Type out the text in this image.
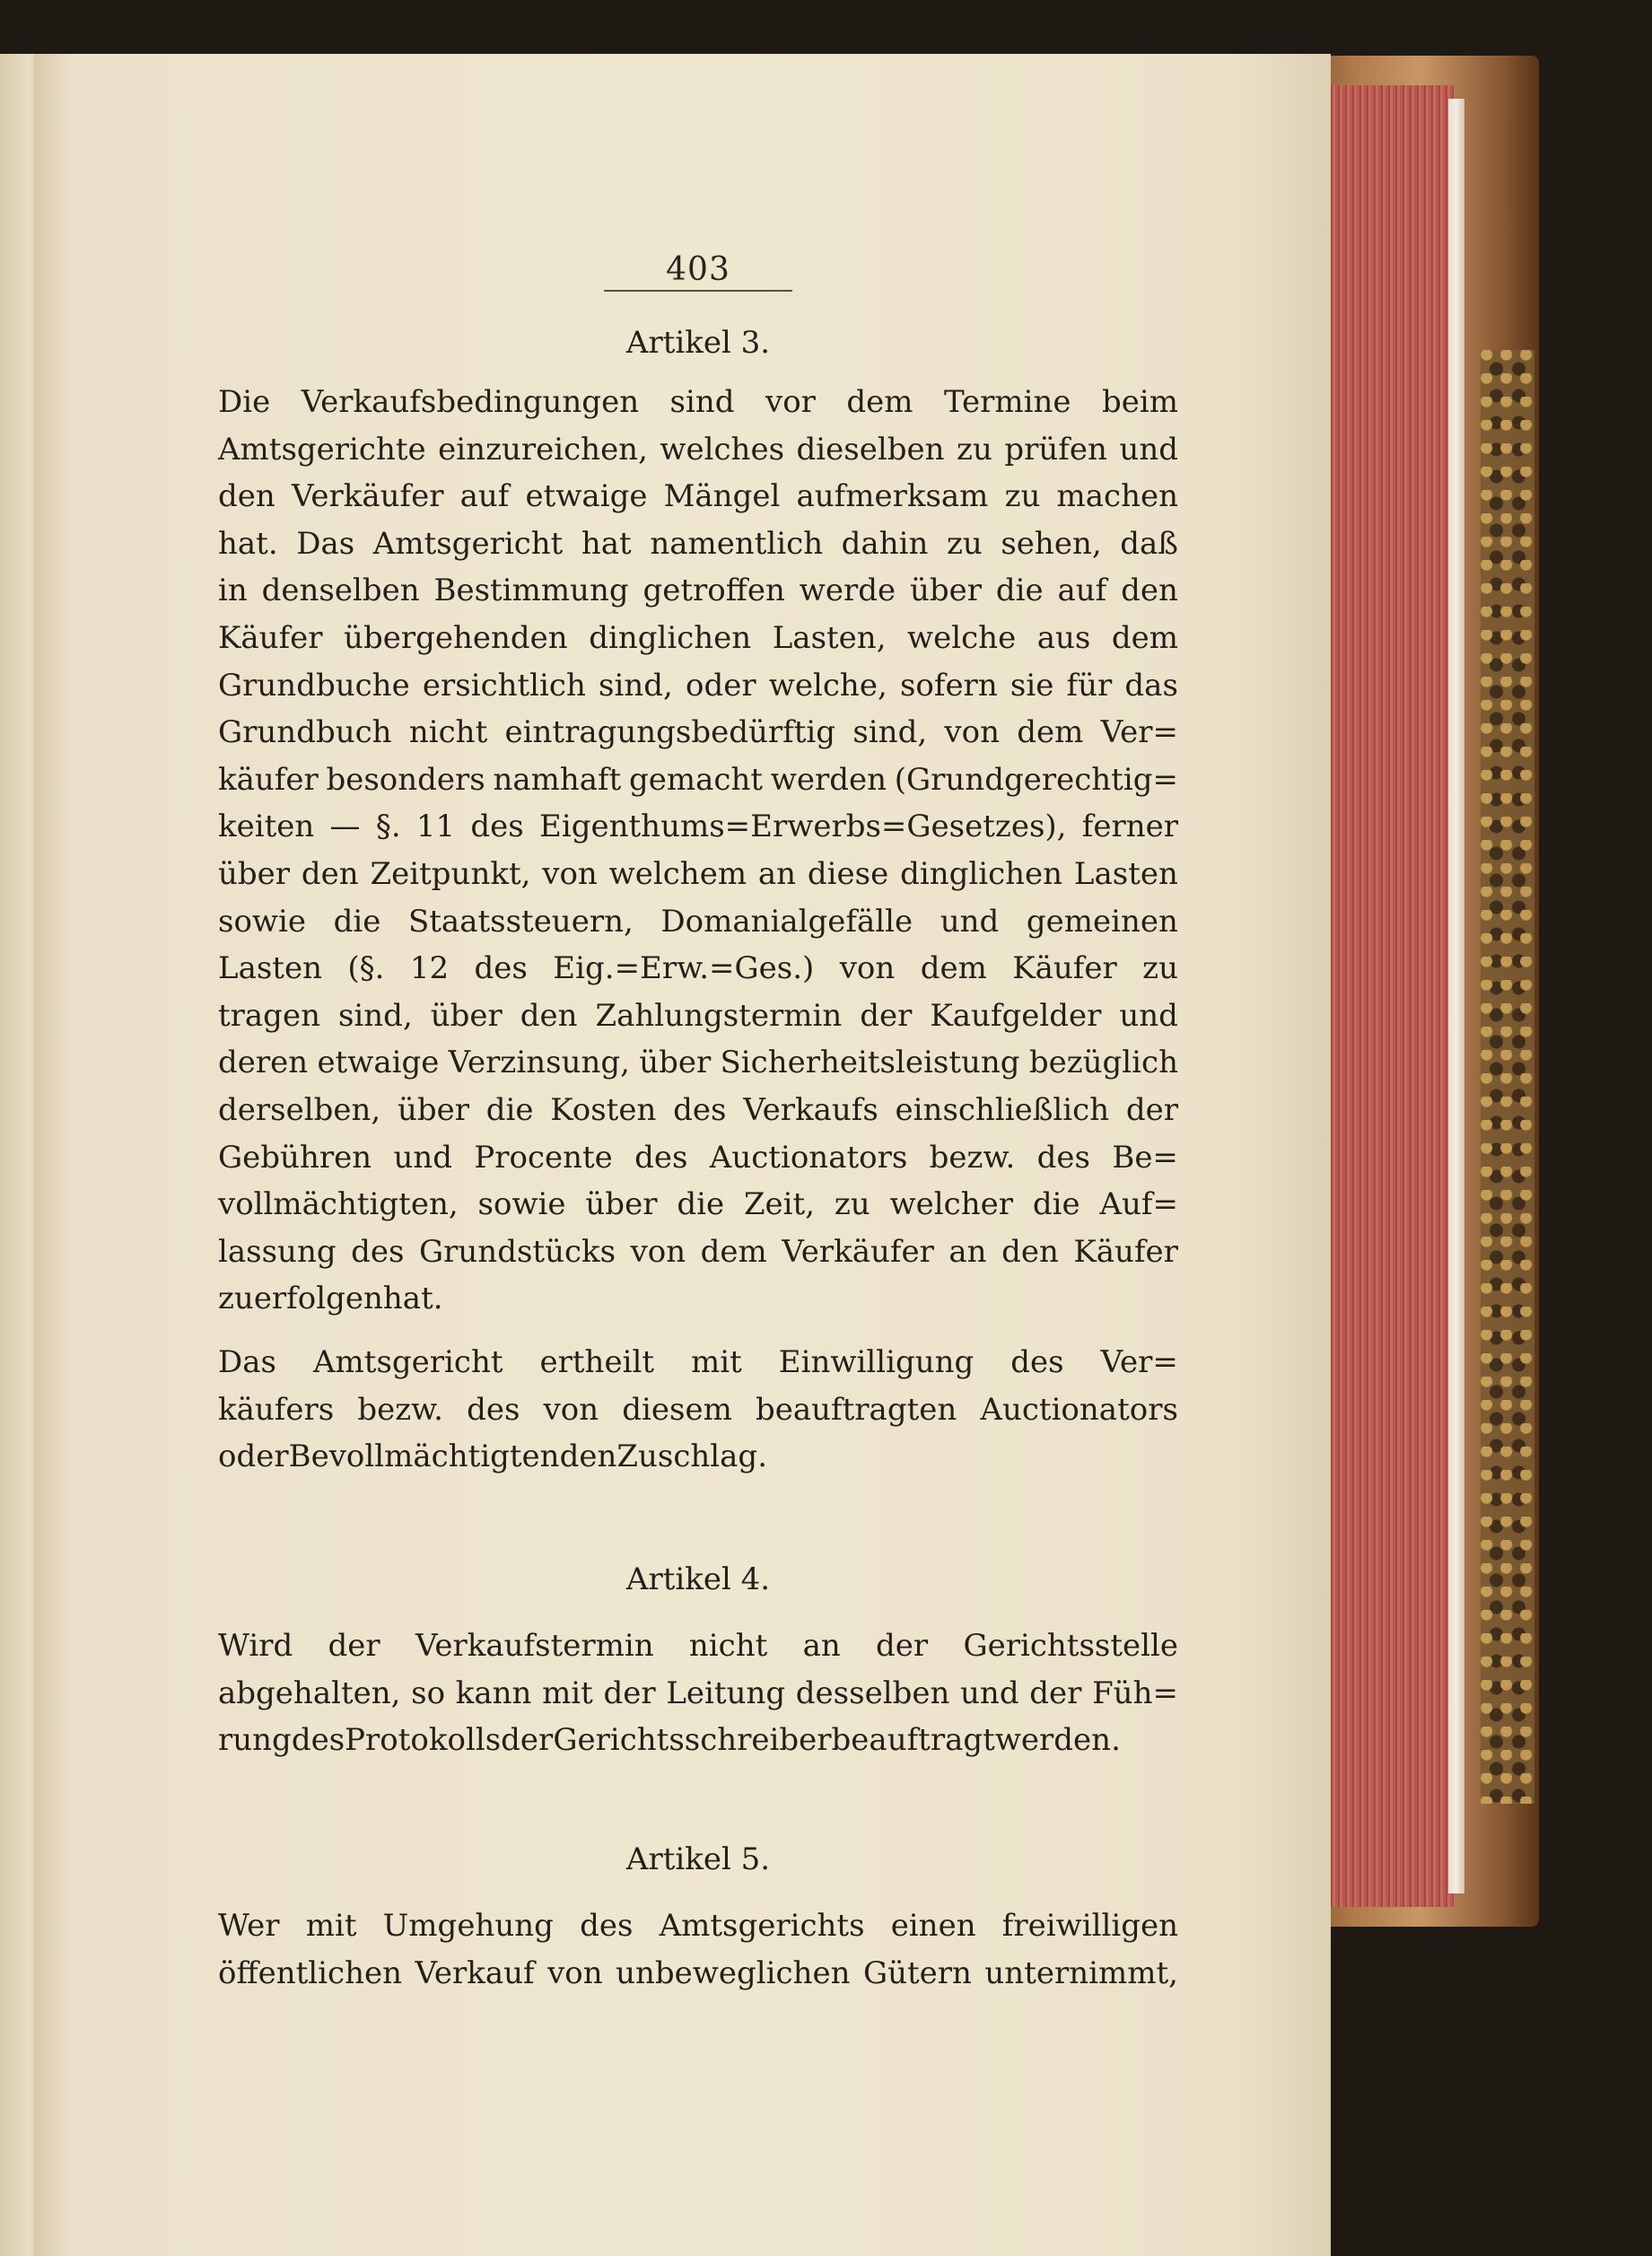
403
Artikel 3.
Die Verkaufsbedingungen sind vor dem Termine beim
Amtsgerichte einzureichen, welches dieselben zu prüfen und
den Verkäufer auf etwaige Mängel aufmerksam zu machen
hat. Das Amtsgericht hat namentlich dahin zu sehen, daß
in denselben Bestimmung getroffen werde über die auf den
Käufer übergehenden dinglichen Lasten, welche aus dem
Grundbuche ersichtlich sind, oder welche, sofern sie für das
Grundbuch nicht eintragungsbedürftig sind, von dem Ver=
käufer besonders namhaft gemacht werden (Grundgerechtig=
keiten — §. 11 des Eigenthums=Erwerbs=Gesetzes), ferner
über den Zeitpunkt, von welchem an diese dinglichen Lasten
sowie die Staatssteuern, Domanialgefälle und gemeinen
Lasten (§. 12 des Eig.=Erw.=Ges.) von dem Käufer zu
tragen sind, über den Zahlungstermin der Kaufgelder und
deren etwaige Verzinsung, über Sicherheitsleistung bezüglich
derselben, über die Kosten des Verkaufs einschließlich der
Gebühren und Procente des Auctionators bezw. des Be=
vollmächtigten, sowie über die Zeit, zu welcher die Auf=
lassung des Grundstücks von dem Verkäufer an den Käufer
zu erfolgen hat.
Das Amtsgericht ertheilt mit Einwilligung des Ver=
käufers bezw. des von diesem beauftragten Auctionators
oder Bevollmächtigten den Zuschlag.
Artikel 4.
Wird der Verkaufstermin nicht an der Gerichtsstelle
abgehalten, so kann mit der Leitung desselben und der Füh=
rung des Protokolls der Gerichtsschreiber beauftragt werden.
Artikel 5.
Wer mit Umgehung des Amtsgerichts einen freiwilligen
öffentlichen Verkauf von unbeweglichen Gütern unternimmt,
